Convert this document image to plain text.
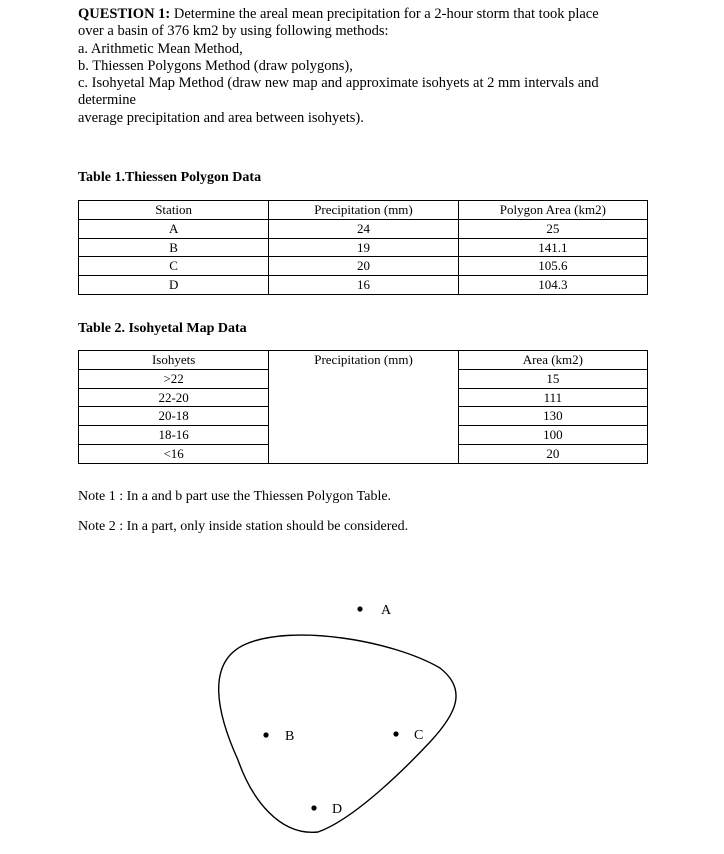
QUESTION 1: Determine the areal mean precipitation for a 2-hour storm that took place
over a basin of 376 km2 by using following methods:
a. Arithmetic Mean Method,
b. Thiessen Polygons Method (draw polygons),
c. Isohyetal Map Method (draw new map and approximate isohyets at 2 mm intervals and
determine
average precipitation and area between isohyets).
Table 1.Thiessen Polygon Data
Station	Precipitation (mm)	Polygon Area (km2)
A	24	25
B	19	141.1
C	20	105.6
D	16	104.3
Table 2. Isohyetal Map Data
Isohyets	Precipitation (mm)	Area (km2)
>22		15
22-20		111
20-18		130
18-16		100
<16		20
Note 1 : In a and b part use the Thiessen Polygon Table.
Note 2 : In a part, only inside station should be considered.
A
B	C
D
